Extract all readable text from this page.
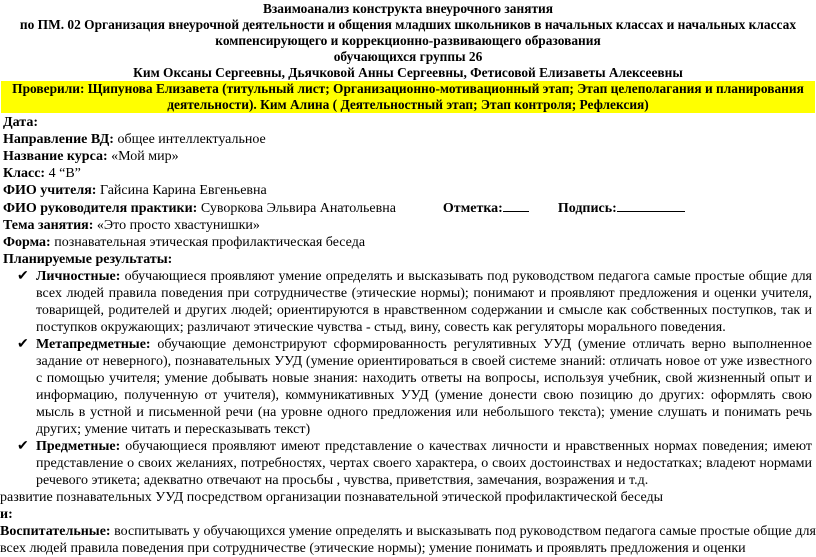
Взаимоанализ конструкта внеурочного занятия
по ПМ. 02 Организация внеурочной деятельности и общения младших школьников в начальных классах и начальных классах
компенсирующего и коррекционно-развивающего образования
обучающихся группы 26
Ким Оксаны Сергеевны, Дьячковой Анны Сергеевны, Фетисовой Елизаветы Алексеевны
Проверили: Щипунова Елизавета (титульный лист; Организационно-мотивационный этап; Этап целеполагания и планирования
деятельности). Ким Алина ( Деятельностный этап; Этап контроля; Рефлексия)
Дата:
Направление ВД: общее интеллектуальное
Название курса: «Мой мир»
Класс: 4 “В”
ФИО учителя: Гайсина Карина Евгеньевна
ФИО руководителя практики: Суворкова Эльвира Анатольевна	Отметка:	Подпись:
Тема занятия: «Это просто хвастунишки»
Форма: познавательная этическая профилактическая беседа
Планируемые результаты:
✔ Личностные: обучающиеся проявляют умение определять и высказывать под руководством педагога самые простые общие для всех людей правила поведения при сотрудничестве (этические нормы); понимают и проявляют предложения и оценки учителя, товарищей, родителей и других людей; ориентируются в нравственном содержании и смысле как собственных поступков, так и поступков окружающих; различают этические чувства - стыд, вину, совесть как регуляторы морального поведения.
✔ Метапредметные: обучающие демонстрируют сформированность регулятивных УУД (умение отличать верно выполненное задание от неверного), познавательных УУД (умение ориентироваться в своей системе знаний: отличать новое от уже известного с помощью учителя; умение добывать новые знания: находить ответы на вопросы, используя учебник, свой жизненный опыт и информацию, полученную от учителя), коммуникативных УУД (умение донести свою позицию до других: оформлять свою мысль в устной и письменной речи (на уровне одного предложения или небольшого текста); умение слушать и понимать речь других; умение читать и пересказывать текст)
✔ Предметные: обучающиеся проявляют имеют представление о качествах личности и нравственных нормах поведения; имеют представление о своих желаниях, потребностях, чертах своего характера, о своих достоинствах и недостатках; владеют нормами речевого этикета; адекватно отвечают на просьбы , чувства, приветствия, замечания, возражения и т.д.
развитие познавательных УУД посредством организации познавательной этической профилактической беседы
и:
Воспитательные: воспитывать у обучающихся умение определять и высказывать под руководством педагога самые простые общие для
всех людей правила поведения при сотрудничестве (этические нормы); умение понимать и проявлять предложения и оценки
